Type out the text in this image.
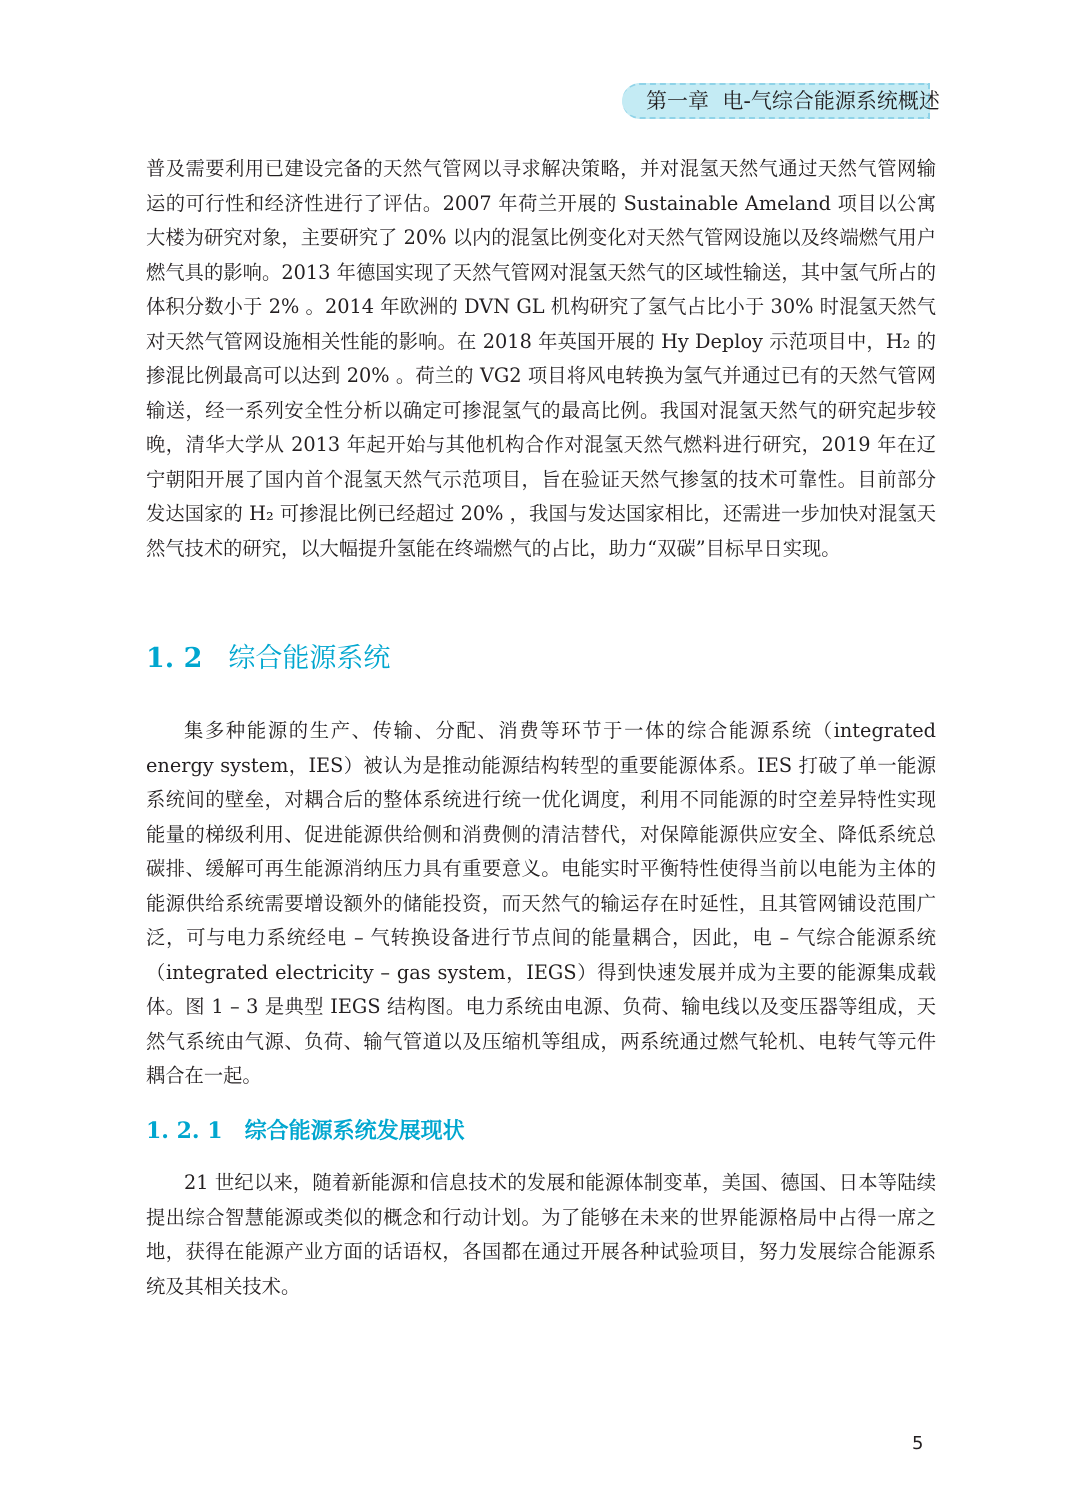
第一章 电-气综合能源系统概述

普及需要利用已建设完备的天然气管网以寻求解决策略，并对混氢天然气通过天然气管网输运的可行性和经济性进行了评估。2007 年荷兰开展的 Sustainable Ameland 项目以公寓大楼为研究对象，主要研究了 20% 以内的混氢比例变化对天然气管网设施以及终端燃气用户燃气具的影响。2013 年德国实现了天然气管网对混氢天然气的区域性输送，其中氢气所占的体积分数小于 2% 。2014 年欧洲的 DVN GL 机构研究了氢气占比小于 30% 时混氢天然气对天然气管网设施相关性能的影响。在 2018 年英国开展的 Hy Deploy 示范项目中，H₂ 的掺混比例最高可以达到 20% 。荷兰的 VG2 项目将风电转换为氢气并通过已有的天然气管网输送，经一系列安全性分析以确定可掺混氢气的最高比例。我国对混氢天然气的研究起步较晚，清华大学从 2013 年起开始与其他机构合作对混氢天然气燃料进行研究，2019 年在辽宁朝阳开展了国内首个混氢天然气示范项目，旨在验证天然气掺氢的技术可靠性。目前部分发达国家的 H₂ 可掺混比例已经超过 20% ，我国与发达国家相比，还需进一步加快对混氢天然气技术的研究，以大幅提升氢能在终端燃气的占比，助力“双碳”目标早日实现。

1. 2 综合能源系统

集多种能源的生产、传输、分配、消费等环节于一体的综合能源系统（integrated energy system，IES）被认为是推动能源结构转型的重要能源体系。IES 打破了单一能源系统间的壁垒，对耦合后的整体系统进行统一优化调度，利用不同能源的时空差异特性实现能量的梯级利用、促进能源供给侧和消费侧的清洁替代，对保障能源供应安全、降低系统总碳排、缓解可再生能源消纳压力具有重要意义。电能实时平衡特性使得当前以电能为主体的能源供给系统需要增设额外的储能投资，而天然气的输运存在时延性，且其管网铺设范围广泛，可与电力系统经电 – 气转换设备进行节点间的能量耦合，因此，电 – 气综合能源系统（integrated electricity – gas system，IEGS）得到快速发展并成为主要的能源集成载体。图 1 – 3 是典型 IEGS 结构图。电力系统由电源、负荷、输电线以及变压器等组成，天然气系统由气源、负荷、输气管道以及压缩机等组成，两系统通过燃气轮机、电转气等元件耦合在一起。

1. 2. 1 综合能源系统发展现状

21 世纪以来，随着新能源和信息技术的发展和能源体制变革，美国、德国、日本等陆续提出综合智慧能源或类似的概念和行动计划。为了能够在未来的世界能源格局中占得一席之地，获得在能源产业方面的话语权，各国都在通过开展各种试验项目，努力发展综合能源系统及其相关技术。

5
